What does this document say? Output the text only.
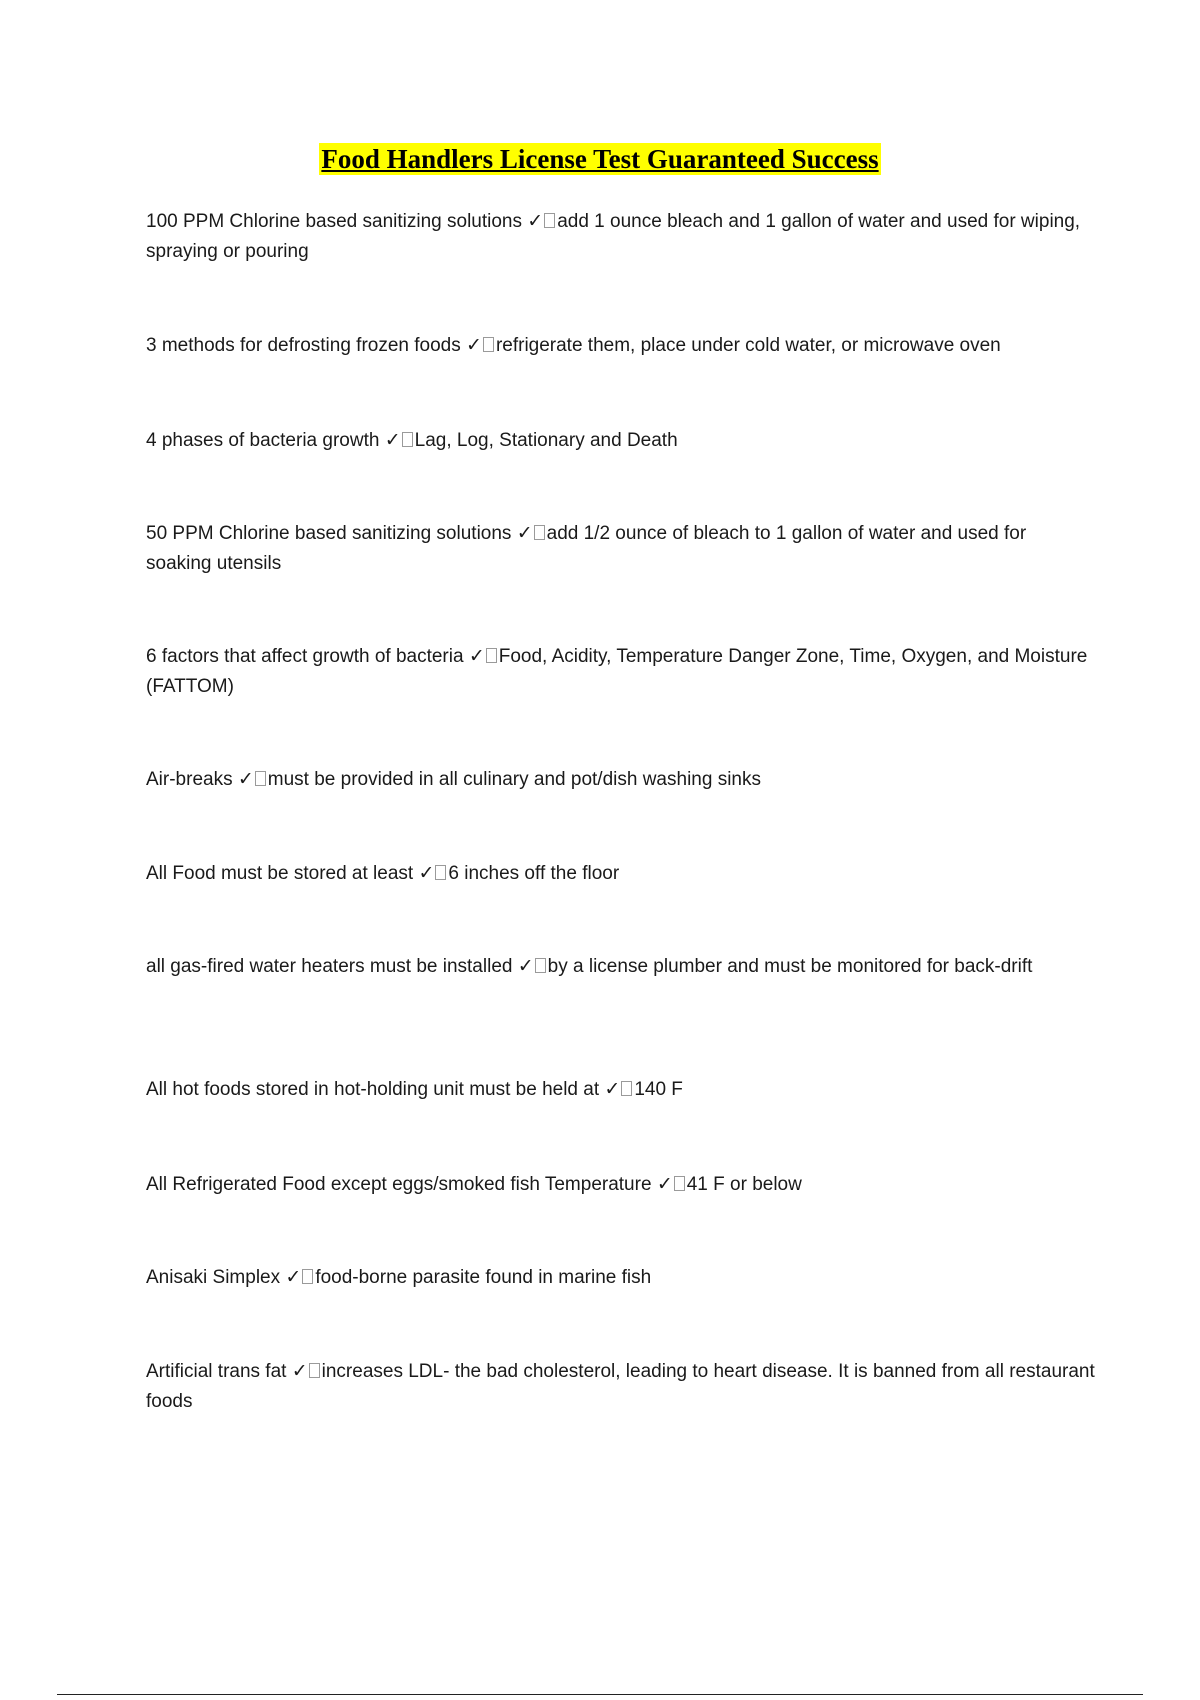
Food Handlers License Test Guaranteed Success
100 PPM Chlorine based sanitizing solutions ✓ add 1 ounce bleach and 1 gallon of water and used for wiping, spraying or pouring
3 methods for defrosting frozen foods ✓ refrigerate them, place under cold water, or microwave oven
4 phases of bacteria growth ✓ Lag, Log, Stationary and Death
50 PPM Chlorine based sanitizing solutions ✓ add 1/2 ounce of bleach to 1 gallon of water and used for soaking utensils
6 factors that affect growth of bacteria ✓ Food, Acidity, Temperature Danger Zone, Time, Oxygen, and Moisture (FATTOM)
Air-breaks ✓ must be provided in all culinary and pot/dish washing sinks
All Food must be stored at least ✓ 6 inches off the floor
all gas-fired water heaters must be installed ✓ by a license plumber and must be monitored for back-drift
All hot foods stored in hot-holding unit must be held at ✓ 140 F
All Refrigerated Food except eggs/smoked fish Temperature ✓ 41 F or below
Anisaki Simplex ✓ food-borne parasite found in marine fish
Artificial trans fat ✓ increases LDL- the bad cholesterol, leading to heart disease. It is banned from all restaurant foods
